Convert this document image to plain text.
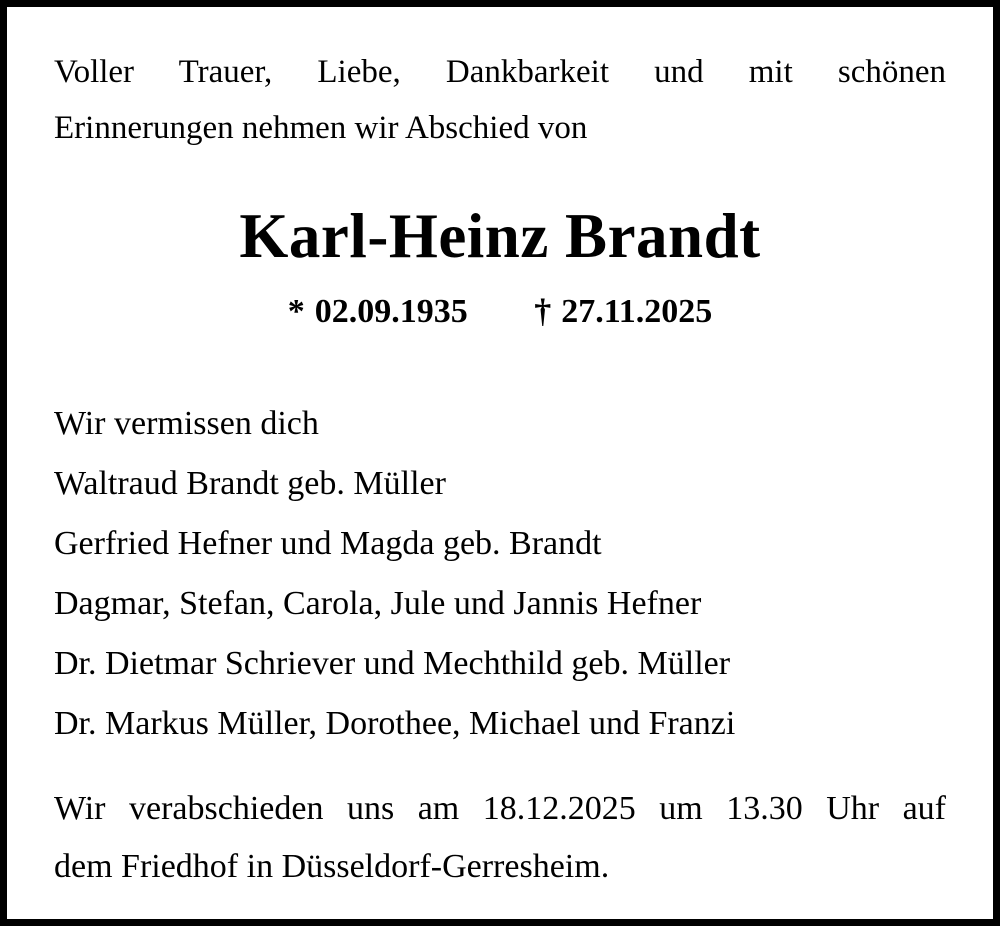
Voller Trauer, Liebe, Dankbarkeit und mit schönen
Erinnerungen nehmen wir Abschied von
Karl-Heinz Brandt
* 02.09.1935 † 27.11.2025
Wir vermissen dich
Waltraud Brandt geb. Müller
Gerfried Hefner und Magda geb. Brandt
Dagmar, Stefan, Carola, Jule und Jannis Hefner
Dr. Dietmar Schriever und Mechthild geb. Müller
Dr. Markus Müller, Dorothee, Michael und Franzi
Wir verabschieden uns am 18.12.2025 um 13.30 Uhr auf
dem Friedhof in Düsseldorf-Gerresheim.
